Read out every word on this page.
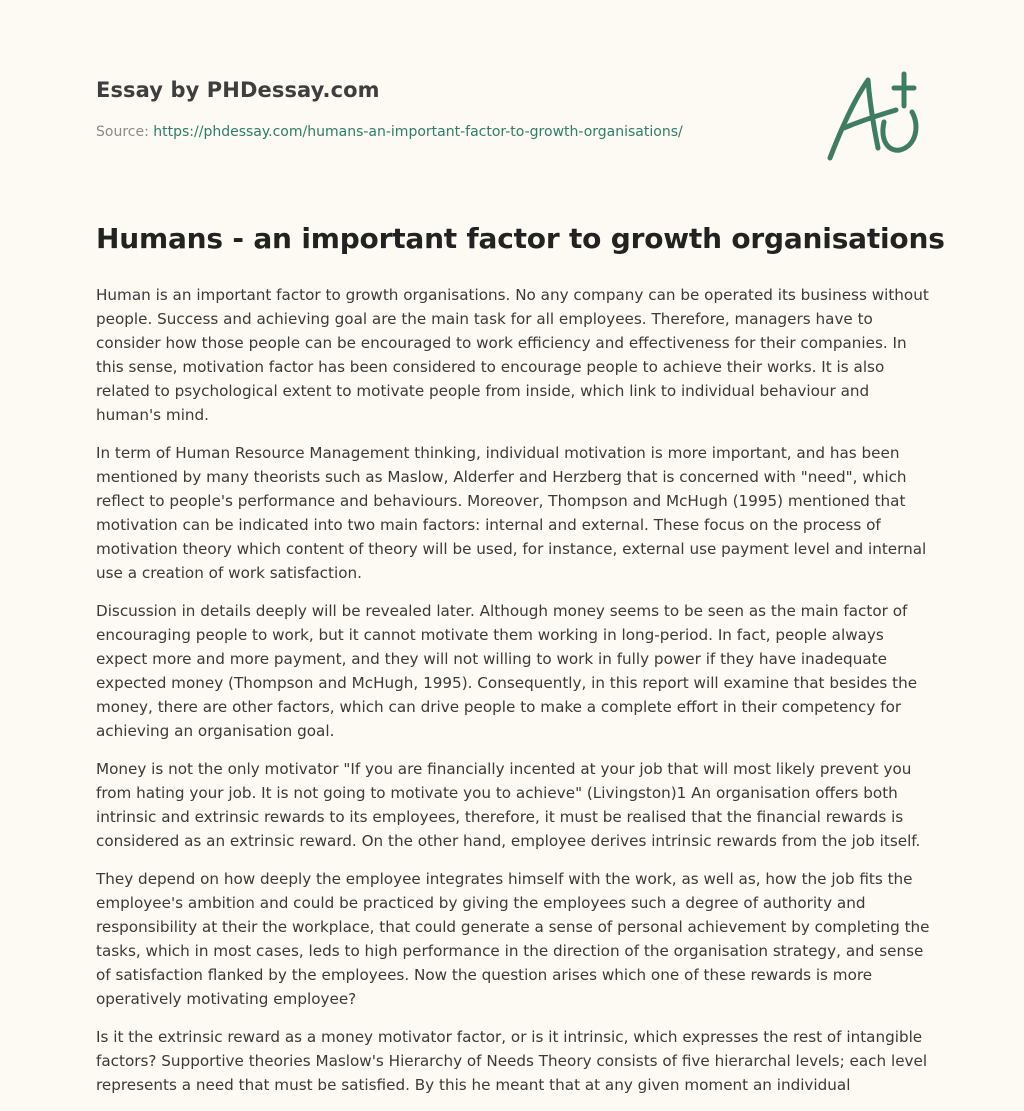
Essay by PHDessay.com
Source: https://phdessay.com/humans-an-important-factor-to-growth-organisations/
Humans - an important factor to growth organisations

Human is an important factor to growth organisations. No any company can be operated its business without people. Success and achieving goal are the main task for all employees. Therefore, managers have to consider how those people can be encouraged to work efficiency and effectiveness for their companies. In this sense, motivation factor has been considered to encourage people to achieve their works. It is also related to psychological extent to motivate people from inside, which link to individual behaviour and human's mind.

In term of Human Resource Management thinking, individual motivation is more important, and has been mentioned by many theorists such as Maslow, Alderfer and Herzberg that is concerned with "need", which reflect to people's performance and behaviours. Moreover, Thompson and McHugh (1995) mentioned that motivation can be indicated into two main factors: internal and external. These focus on the process of motivation theory which content of theory will be used, for instance, external use payment level and internal use a creation of work satisfaction.

Discussion in details deeply will be revealed later. Although money seems to be seen as the main factor of encouraging people to work, but it cannot motivate them working in long-period. In fact, people always expect more and more payment, and they will not willing to work in fully power if they have inadequate expected money (Thompson and McHugh, 1995). Consequently, in this report will examine that besides the money, there are other factors, which can drive people to make a complete effort in their competency for achieving an organisation goal.

Money is not the only motivator "If you are financially incented at your job that will most likely prevent you from hating your job. It is not going to motivate you to achieve" (Livingston)1 An organisation offers both intrinsic and extrinsic rewards to its employees, therefore, it must be realised that the financial rewards is considered as an extrinsic reward. On the other hand, employee derives intrinsic rewards from the job itself.

They depend on how deeply the employee integrates himself with the work, as well as, how the job fits the employee's ambition and could be practiced by giving the employees such a degree of authority and responsibility at their the workplace, that could generate a sense of personal achievement by completing the tasks, which in most cases, leds to high performance in the direction of the organisation strategy, and sense of satisfaction flanked by the employees. Now the question arises which one of these rewards is more operatively motivating employee?

Is it the extrinsic reward as a money motivator factor, or is it intrinsic, which expresses the rest of intangible factors? Supportive theories Maslow's Hierarchy of Needs Theory consists of five hierarchal levels; each level represents a need that must be satisfied. By this he meant that at any given moment an individual
